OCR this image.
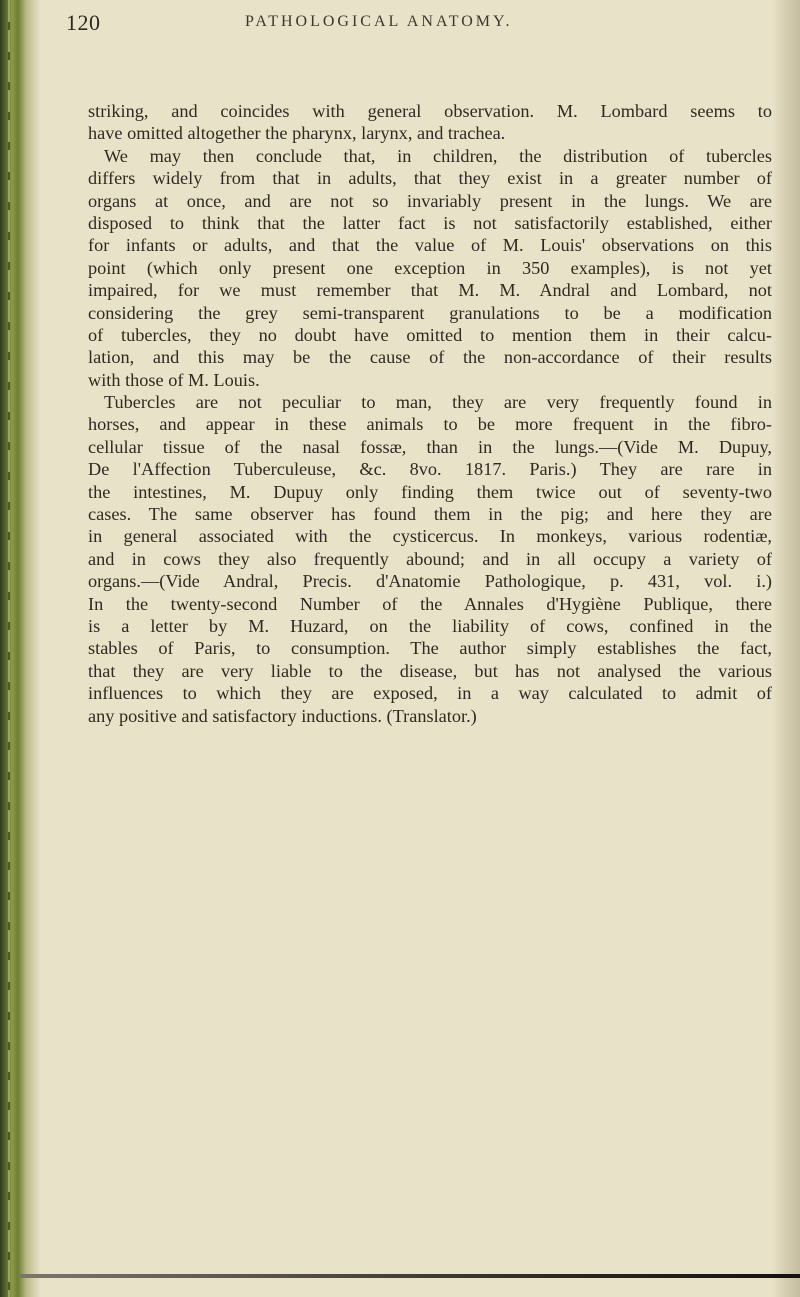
120	PATHOLOGICAL ANATOMY.
striking, and coincides with general observation. M. Lombard seems to
have omitted altogether the pharynx, larynx, and trachea.
We may then conclude that, in children, the distribution of tubercles
differs widely from that in adults, that they exist in a greater number of
organs at once, and are not so invariably present in the lungs. We are
disposed to think that the latter fact is not satisfactorily established, either
for infants or adults, and that the value of M. Louis' observations on this
point (which only present one exception in 350 examples), is not yet
impaired, for we must remember that M. M. Andral and Lombard, not
considering the grey semi-transparent granulations to be a modification
of tubercles, they no doubt have omitted to mention them in their calcu-
lation, and this may be the cause of the non-accordance of their results
with those of M. Louis.
Tubercles are not peculiar to man, they are very frequently found in
horses, and appear in these animals to be more frequent in the fibro-
cellular tissue of the nasal fossæ, than in the lungs.—(Vide M. Dupuy,
De l'Affection Tuberculeuse, &c. 8vo. 1817. Paris.) They are rare in
the intestines, M. Dupuy only finding them twice out of seventy-two
cases. The same observer has found them in the pig; and here they are
in general associated with the cysticercus. In monkeys, various rodentiæ,
and in cows they also frequently abound; and in all occupy a variety of
organs.—(Vide Andral, Precis. d'Anatomie Pathologique, p. 431, vol. i.)
In the twenty-second Number of the Annales d'Hygiène Publique, there
is a letter by M. Huzard, on the liability of cows, confined in the
stables of Paris, to consumption. The author simply establishes the fact,
that they are very liable to the disease, but has not analysed the various
influences to which they are exposed, in a way calculated to admit of
any positive and satisfactory inductions. (Translator.)
